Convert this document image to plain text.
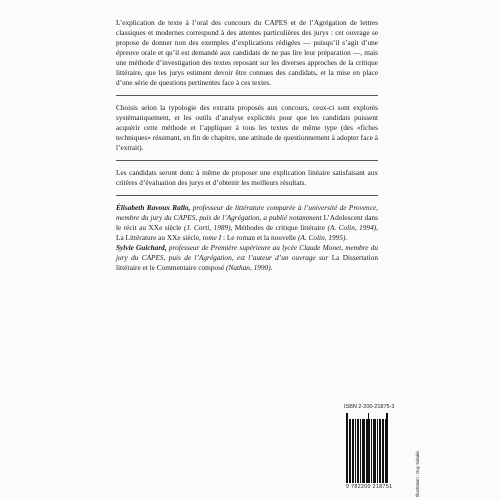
L’explication de texte à l’oral des concours du CAPES et de l’Agrégation de lettres classiques et modernes correspond à des attentes particulières des jurys : cet ouvrage se propose de donner non des exemples d’explications rédigées — puisqu’il s’agit d’une épreuve orale et qu’il est demandé aux candidats de ne pas lire leur préparation —, mais une méthode d’investigation des textes reposant sur les diverses approches de la critique littéraire, que les jurys estiment devoir être connues des candidats, et la mise en place d’une série de questions pertinentes face à ces textes.

Choisis selon la typologie des extraits proposés aux concours, ceux-ci sont explorés systématiquement, et les outils d’analyse explicités pour que les candidats puissent acquérir cette méthode et l’appliquer à tous les textes de même type (des «fiches techniques» résumant, en fin de chapitre, une attitude de questionnement à adopter face à l’extrait).

Les candidats seront donc à même de proposer une explication linéaire satisfaisant aux critères d’évaluation des jurys et d’obtenir les meilleurs résultats.

Élisabeth Ravoux Rallo, professeur de littérature comparée à l’université de Provence, membre du jury du CAPES, puis de l’Agrégation, a publié notamment L’Adolescent dans le récit au XXe siècle (J. Corti, 1989), Méthodes de critique littéraire (A. Colin, 1994), La Littérature au XXe siècle, tome I : Le roman et la nouvelle (A. Colin, 1995).

Sylvie Guichard, professeur de Première supérieure au lycée Claude Monet, membre du jury du CAPES, puis de l’Agrégation, est l’auteur d’un ouvrage sur La Dissertation littéraire et le Commentaire composé (Nathan, 1990).

ISBN 2-200-21875-3
9 782200 218751	Illustration : Guy Sabalic
